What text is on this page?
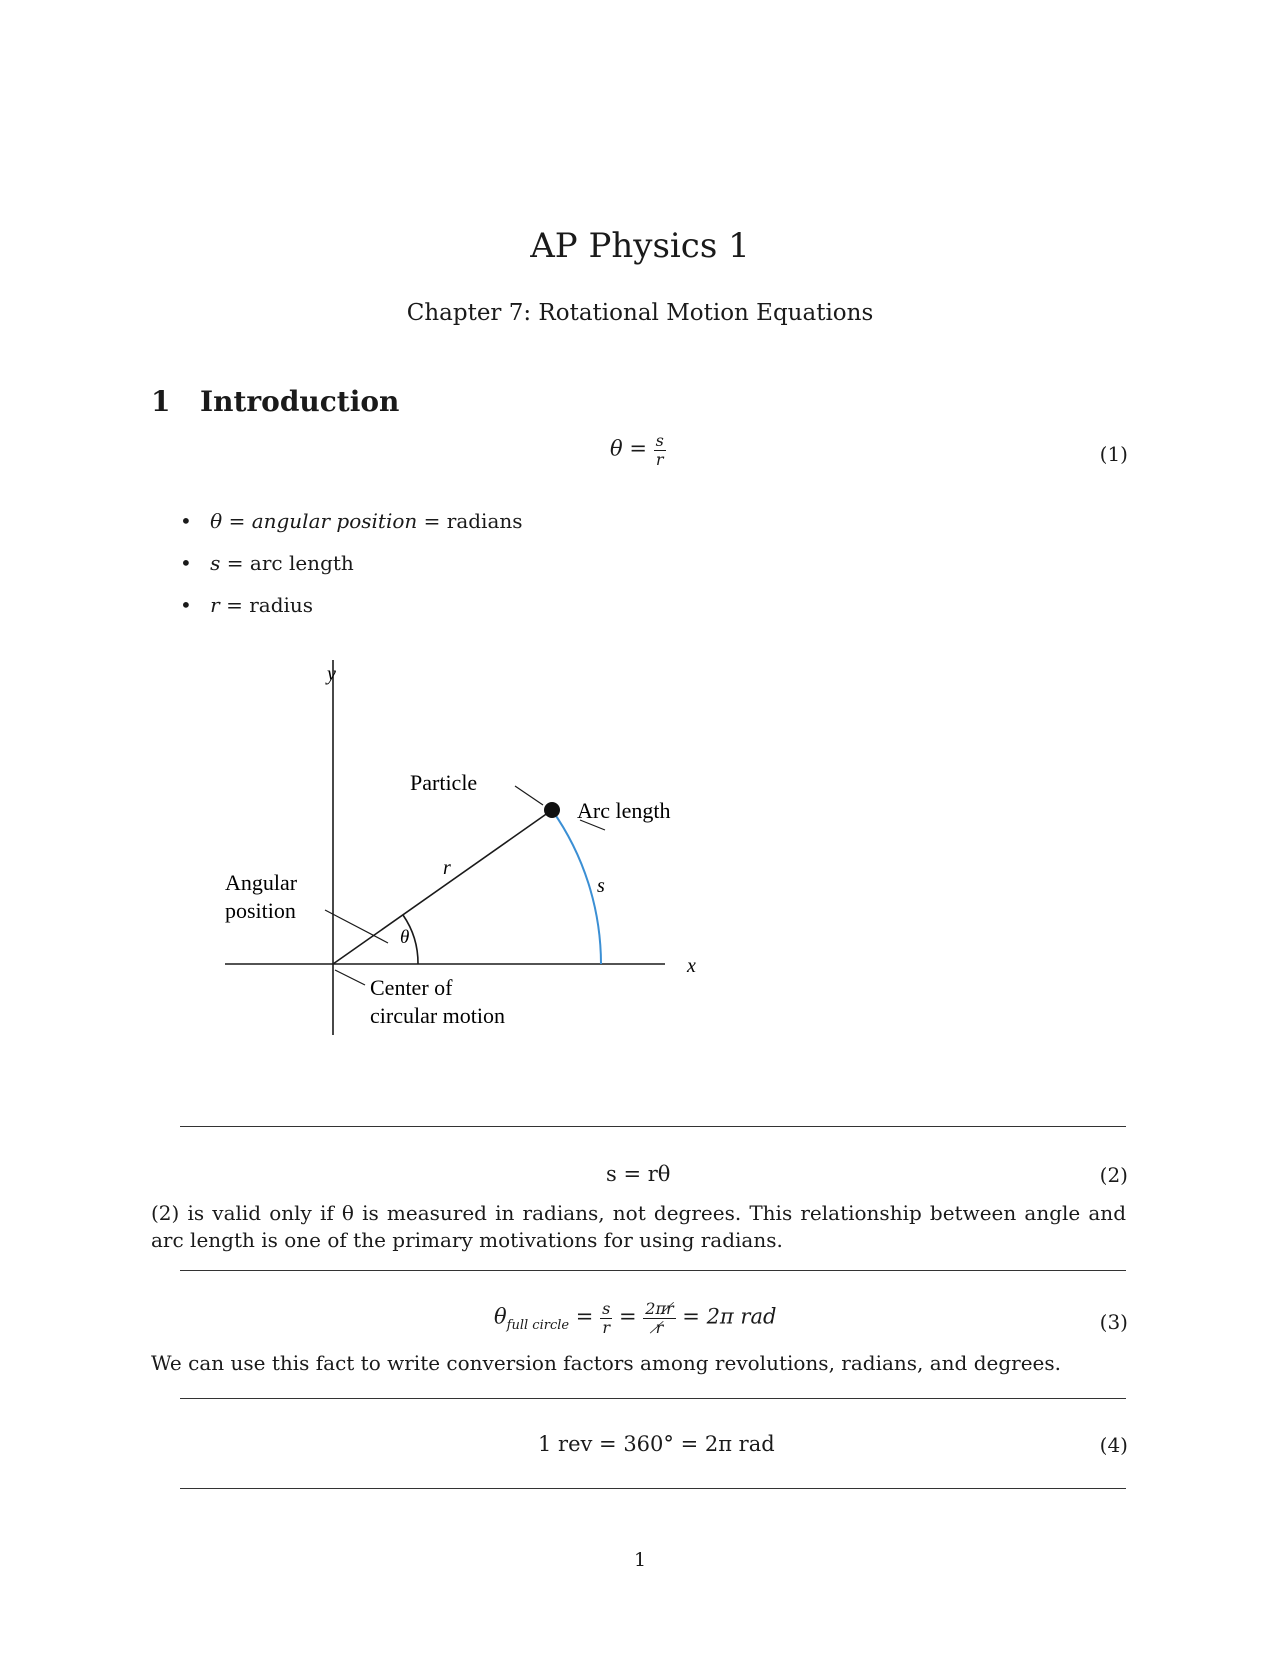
AP Physics 1
Chapter 7: Rotational Motion Equations
1 Introduction
$\theta = \frac{s}{r}$	(1)
• θ = angular position = radians
• s = arc length
• r = radius
y
x
Particle
Arc length
r
s
Angular
position
θ
Center of
circular motion
s = rθ	(2)
(2) is valid only if θ is measured in radians, not degrees. This relationship between angle and arc length is one of the primary motivations for using radians.
$\theta_{full circle} = \frac{s}{r} = \frac{2\pi r̸}{r̸} = 2\pi$ rad	(3)
We can use this fact to write conversion factors among revolutions, radians, and degrees.
1 rev = 360° = 2π rad	(4)
1
